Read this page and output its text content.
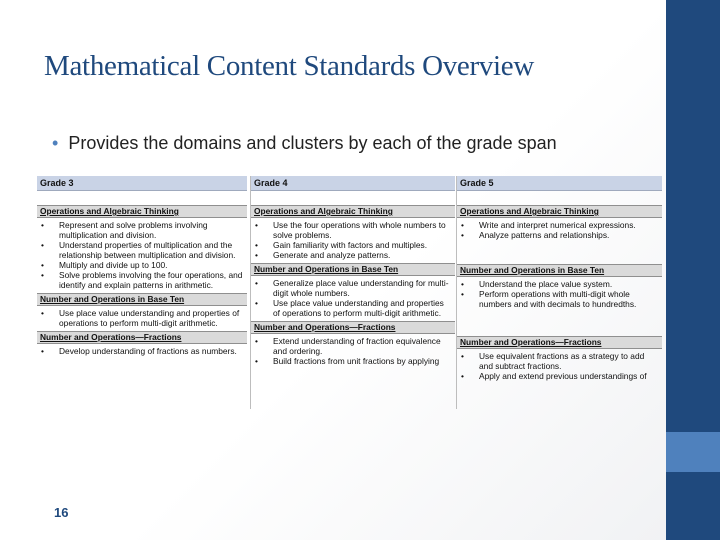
Mathematical Content Standards Overview
• Provides the domains and clusters by each of the grade span
Grade 3
Operations and Algebraic Thinking
• Represent and solve problems involving multiplication and division.
• Understand properties of multiplication and the relationship between multiplication and division.
• Multiply and divide up to 100.
• Solve problems involving the four operations, and identify and explain patterns in arithmetic.
Number and Operations in Base Ten
• Use place value understanding and properties of operations to perform multi-digit arithmetic.
Number and Operations—Fractions
• Develop understanding of fractions as numbers.
Grade 4
Operations and Algebraic Thinking
• Use the four operations with whole numbers to solve problems.
• Gain familiarity with factors and multiples.
• Generate and analyze patterns.
Number and Operations in Base Ten
• Generalize place value understanding for multi-digit whole numbers.
• Use place value understanding and properties of operations to perform multi-digit arithmetic.
Number and Operations—Fractions
• Extend understanding of fraction equivalence and ordering.
• Build fractions from unit fractions by applying
Grade 5
Operations and Algebraic Thinking
• Write and interpret numerical expressions.
• Analyze patterns and relationships.
Number and Operations in Base Ten
• Understand the place value system.
• Perform operations with multi-digit whole numbers and with decimals to hundredths.
Number and Operations—Fractions
• Use equivalent fractions as a strategy to add and subtract fractions.
• Apply and extend previous understandings of
16
